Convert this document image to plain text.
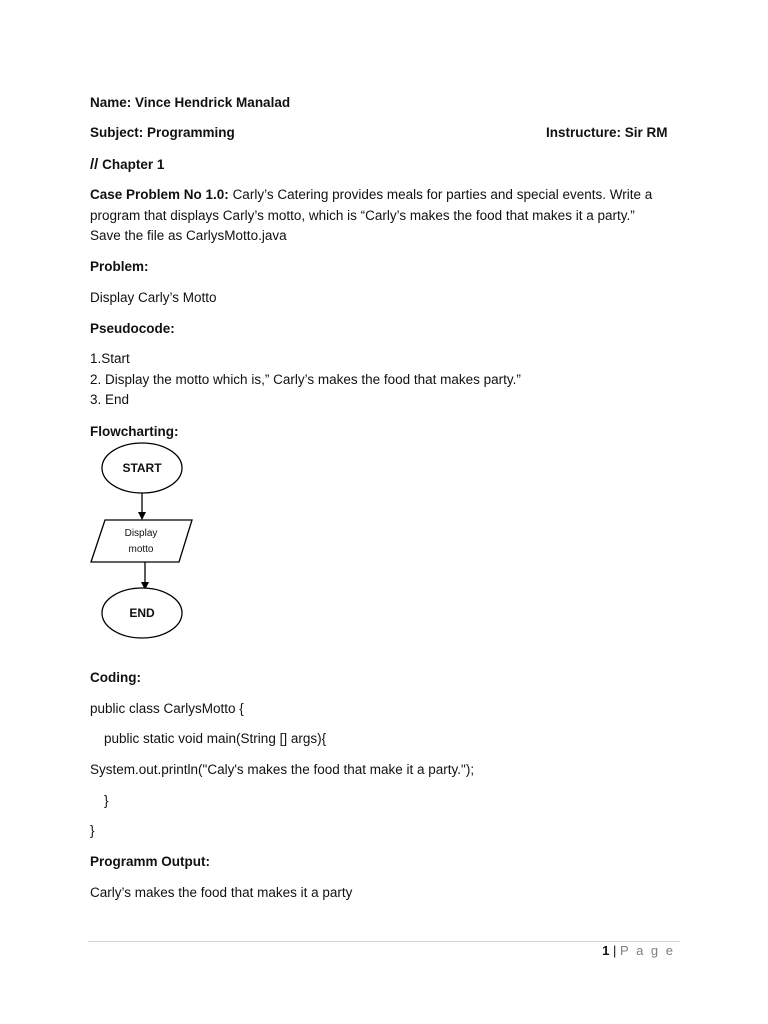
Name: Vince Hendrick Manalad
Subject: Programming	Instructure: Sir RM
// Chapter 1
Case Problem No 1.0: Carly’s Catering provides meals for parties and special events. Write a
program that displays Carly’s motto, which is “Carly’s makes the food that makes it a party.”
Save the file as CarlysMotto.java
Problem:
Display Carly’s Motto
Pseudocode:
1.Start
2. Display the motto which is,” Carly’s makes the food that makes party.”
3. End
Flowcharting:
START
Display
motto
END
Coding:
public class CarlysMotto {
public static void main(String [] args){
System.out.println("Caly's makes the food that make it a party.");
}
}
Programm Output:
Carly’s makes the food that makes it a party
1 | P a g e
